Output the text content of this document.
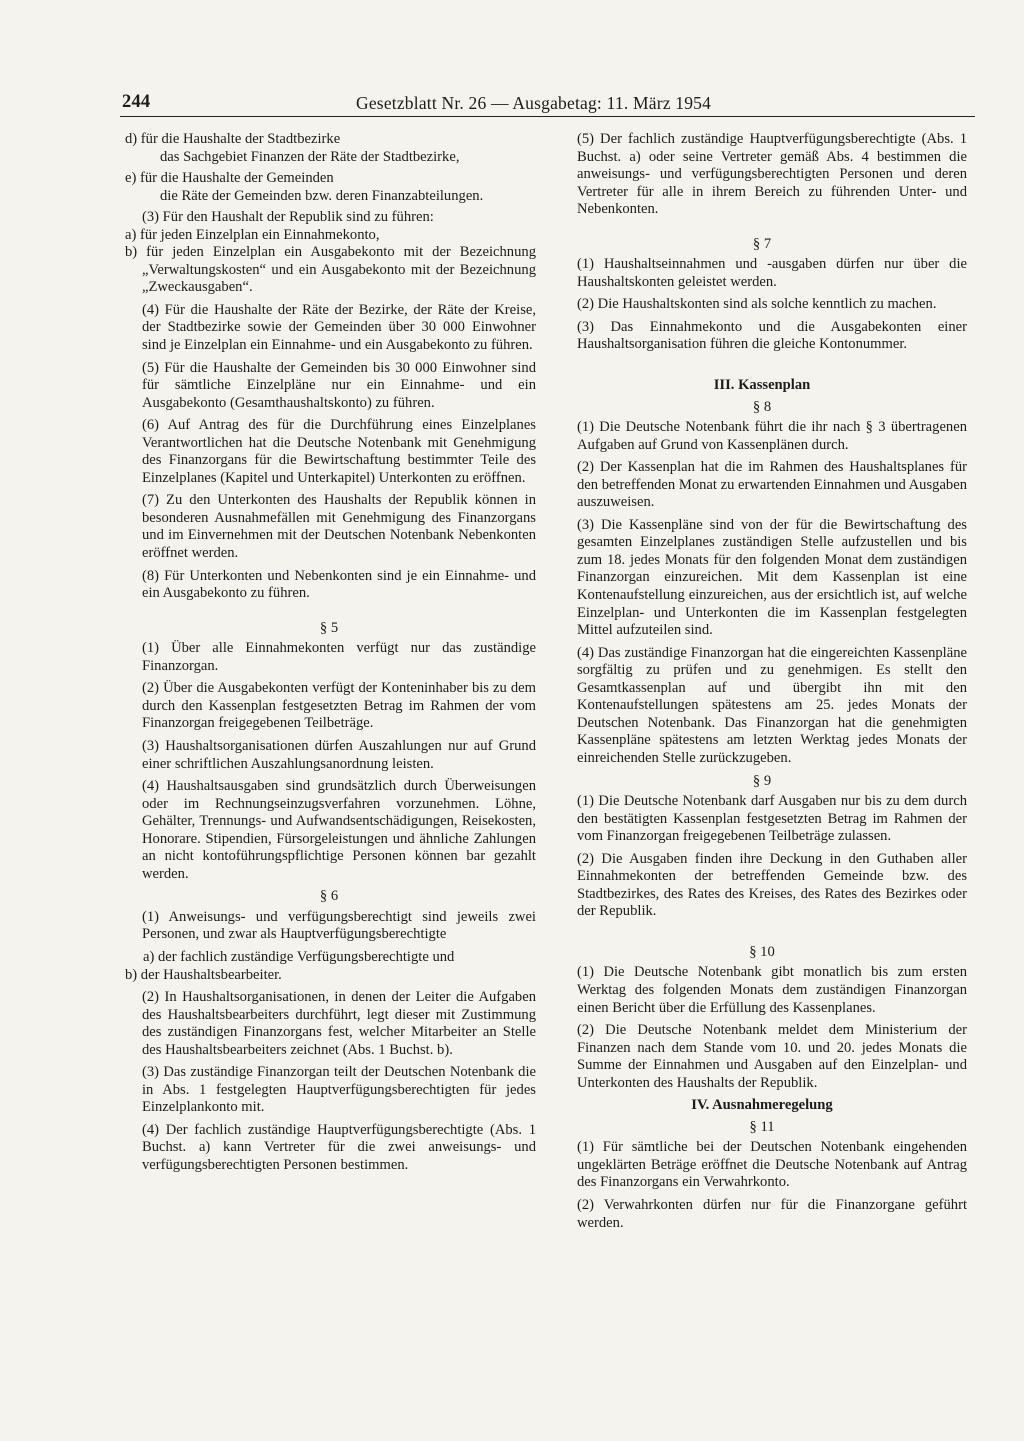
244	Gesetzblatt Nr. 26 — Ausgabetag: 11. März 1954
d) für die Haushalte der Stadtbezirke
das Sachgebiet Finanzen der Räte der Stadtbezirke,
e) für die Haushalte der Gemeinden
die Räte der Gemeinden bzw. deren Finanzabteilungen.
(3) Für den Haushalt der Republik sind zu führen:
a) für jeden Einzelplan ein Einnahmekonto,
b) für jeden Einzelplan ein Ausgabekonto mit der Bezeichnung „Verwaltungskosten“ und ein Ausgabekonto mit der Bezeichnung „Zweckausgaben“.
(4) Für die Haushalte der Räte der Bezirke, der Räte der Kreise, der Stadtbezirke sowie der Gemeinden über 30 000 Einwohner sind je Einzelplan ein Einnahme- und ein Ausgabekonto zu führen.
(5) Für die Haushalte der Gemeinden bis 30 000 Einwohner sind für sämtliche Einzelpläne nur ein Einnahme- und ein Ausgabekonto (Gesamthaushaltskonto) zu führen.
(6) Auf Antrag des für die Durchführung eines Einzelplanes Verantwortlichen hat die Deutsche Notenbank mit Genehmigung des Finanzorgans für die Bewirtschaftung bestimmter Teile des Einzelplanes (Kapitel und Unterkapitel) Unterkonten zu eröffnen.
(7) Zu den Unterkonten des Haushalts der Republik können in besonderen Ausnahmefällen mit Genehmigung des Finanzorgans und im Einvernehmen mit der Deutschen Notenbank Nebenkonten eröffnet werden.
(8) Für Unterkonten und Nebenkonten sind je ein Einnahme- und ein Ausgabekonto zu führen.
§ 5
(1) Über alle Einnahmekonten verfügt nur das zuständige Finanzorgan.
(2) Über die Ausgabekonten verfügt der Konteninhaber bis zu dem durch den Kassenplan festgesetzten Betrag im Rahmen der vom Finanzorgan freigegebenen Teilbeträge.
(3) Haushaltsorganisationen dürfen Auszahlungen nur auf Grund einer schriftlichen Auszahlungsanordnung leisten.
(4) Haushaltsausgaben sind grundsätzlich durch Überweisungen oder im Rechnungseinzugsverfahren vorzunehmen. Löhne, Gehälter, Trennungs- und Aufwandsentschädigungen, Reisekosten, Honorare. Stipendien, Fürsorgeleistungen und ähnliche Zahlungen an nicht kontoführungspflichtige Personen können bar gezahlt werden.
§ 6
(1) Anweisungs- und verfügungsberechtigt sind jeweils zwei Personen, und zwar als Hauptverfügungsberechtigte
a) der fachlich zuständige Verfügungsberechtigte und
b) der Haushaltsbearbeiter.
(2) In Haushaltsorganisationen, in denen der Leiter die Aufgaben des Haushaltsbearbeiters durchführt, legt dieser mit Zustimmung des zuständigen Finanzorgans fest, welcher Mitarbeiter an Stelle des Haushaltsbearbeiters zeichnet (Abs. 1 Buchst. b).
(3) Das zuständige Finanzorgan teilt der Deutschen Notenbank die in Abs. 1 festgelegten Hauptverfügungsberechtigten für jedes Einzelplankonto mit.
(4) Der fachlich zuständige Hauptverfügungsberechtigte (Abs. 1 Buchst. a) kann Vertreter für die zwei anweisungs- und verfügungsberechtigten Personen bestimmen.
(5) Der fachlich zuständige Hauptverfügungsberechtigte (Abs. 1 Buchst. a) oder seine Vertreter gemäß Abs. 4 bestimmen die anweisungs- und verfügungsberechtigten Personen und deren Vertreter für alle in ihrem Bereich zu führenden Unter- und Nebenkonten.
§ 7
(1) Haushaltseinnahmen und -ausgaben dürfen nur über die Haushaltskonten geleistet werden.
(2) Die Haushaltskonten sind als solche kenntlich zu machen.
(3) Das Einnahmekonto und die Ausgabekonten einer Haushaltsorganisation führen die gleiche Kontonummer.
III. Kassenplan
§ 8
(1) Die Deutsche Notenbank führt die ihr nach § 3 übertragenen Aufgaben auf Grund von Kassenplänen durch.
(2) Der Kassenplan hat die im Rahmen des Haushaltsplanes für den betreffenden Monat zu erwartenden Einnahmen und Ausgaben auszuweisen.
(3) Die Kassenpläne sind von der für die Bewirtschaftung des gesamten Einzelplanes zuständigen Stelle aufzustellen und bis zum 18. jedes Monats für den folgenden Monat dem zuständigen Finanzorgan einzureichen. Mit dem Kassenplan ist eine Kontenaufstellung einzureichen, aus der ersichtlich ist, auf welche Einzelplan- und Unterkonten die im Kassenplan festgelegten Mittel aufzuteilen sind.
(4) Das zuständige Finanzorgan hat die eingereichten Kassenpläne sorgfältig zu prüfen und zu genehmigen. Es stellt den Gesamtkassenplan auf und übergibt ihn mit den Kontenaufstellungen spätestens am 25. jedes Monats der Deutschen Notenbank. Das Finanzorgan hat die genehmigten Kassenpläne spätestens am letzten Werktag jedes Monats der einreichenden Stelle zurückzugeben.
§ 9
(1) Die Deutsche Notenbank darf Ausgaben nur bis zu dem durch den bestätigten Kassenplan festgesetzten Betrag im Rahmen der vom Finanzorgan freigegebenen Teilbeträge zulassen.
(2) Die Ausgaben finden ihre Deckung in den Guthaben aller Einnahmekonten der betreffenden Gemeinde bzw. des Stadtbezirkes, des Rates des Kreises, des Rates des Bezirkes oder der Republik.
§ 10
(1) Die Deutsche Notenbank gibt monatlich bis zum ersten Werktag des folgenden Monats dem zuständigen Finanzorgan einen Bericht über die Erfüllung des Kassenplanes.
(2) Die Deutsche Notenbank meldet dem Ministerium der Finanzen nach dem Stande vom 10. und 20. jedes Monats die Summe der Einnahmen und Ausgaben auf den Einzelplan- und Unterkonten des Haushalts der Republik.
IV. Ausnahmeregelung
§ 11
(1) Für sämtliche bei der Deutschen Notenbank eingehenden ungeklärten Beträge eröffnet die Deutsche Notenbank auf Antrag des Finanzorgans ein Verwahrkonto.
(2) Verwahrkonten dürfen nur für die Finanzorgane geführt werden.
